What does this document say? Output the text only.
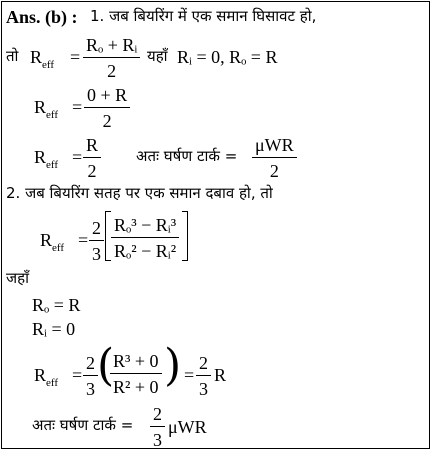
Ans. (b) : 1. जब बियरिंग में एक समान घिसावट हो,
तो $R_{eff}$ =
Rₒ + Rᵢ
2
यहाँ Rᵢ = 0, Rₒ = R
$R_{eff}$ =
0 + R
2
$R_{eff}$ =
R
2
अतः घर्षण टार्क =
μWR
2
2. जब बियरिंग सतह पर एक समान दबाव हो, तो
$R_{eff}$ =
2
3
Rₒ³ − Rᵢ³
Rₒ² − Rᵢ²
जहाँ
Rₒ = R
Rᵢ = 0
$R_{eff}$ =
2
3 (
R³ + 0
R² + 0 ) =
2
3
R
अतः घर्षण टार्क =
2
3
μWR
